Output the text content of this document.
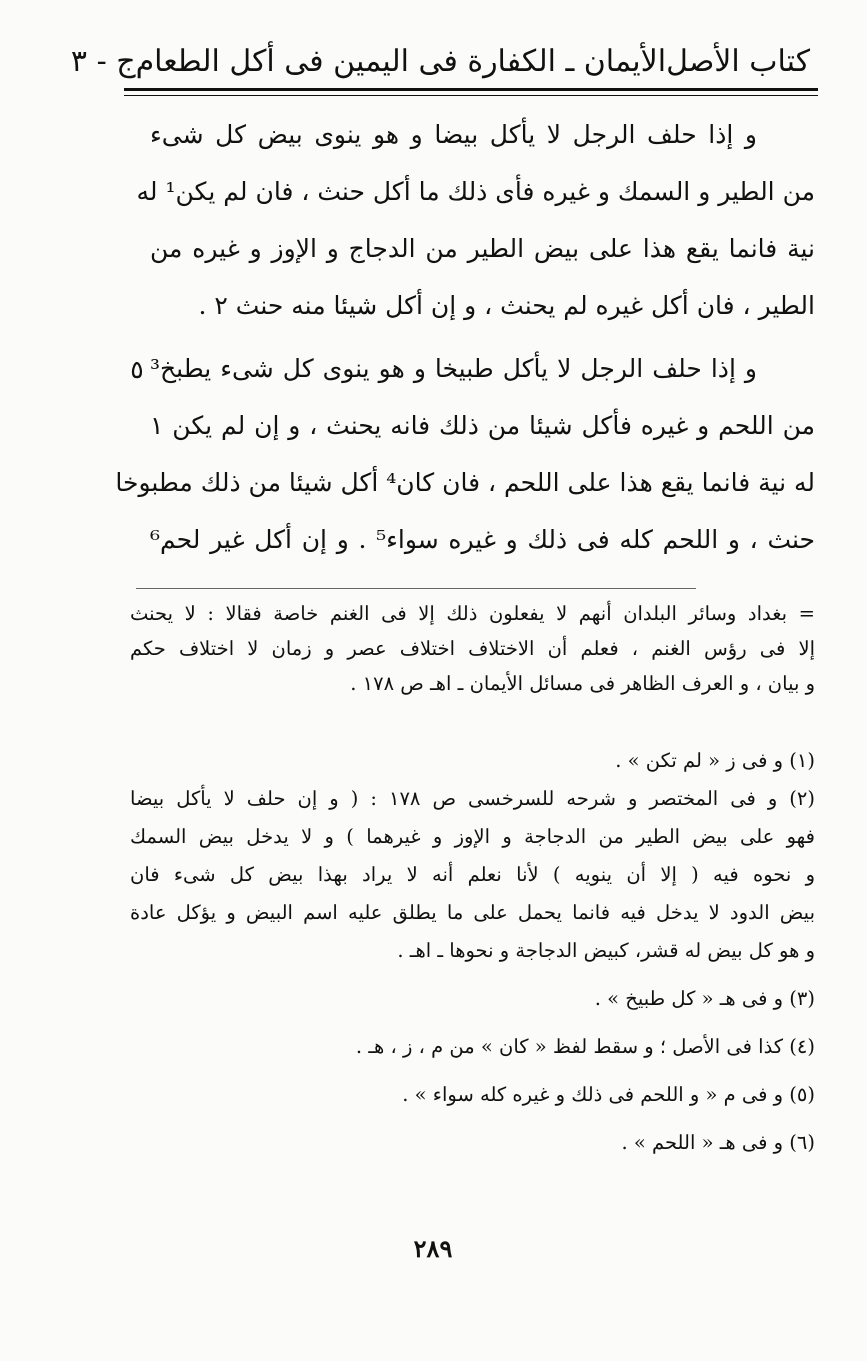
كتاب الأصل
الأيمان ـ الكفارة فى اليمين فى أكل الطعام
ج - ٣
و إذا حلف الرجل لا يأكل بيضا و هو ينوى بيض كل شىء
من الطير و السمك و غيره فأى ذلك ما أكل حنث ، فان لم يكن¹ له
نية فانما يقع هذا على بيض الطير من الدجاج و الإوز و غيره من
الطير ، فان أكل غيره لم يحنث ، و إن أكل شيئا منه حنث ٢ .
و إذا حلف الرجل لا يأكل طبيخا و هو ينوى كل شىء يطبخ³
من اللحم و غيره فأكل شيئا من ذلك فانه يحنث ، و إن لم يكن ١
له نية فانما يقع هذا على اللحم ، فان كان⁴ أكل شيئا من ذلك مطبوخا
حنث ، و اللحم كله فى ذلك و غيره سواء⁵ . و إن أكل غير لحم⁶
٥
= بغداد وسائر البلدان أنهم لا يفعلون ذلك إلا فى الغنم خاصة فقالا : لا يحنث
إلا فى رؤس الغنم ، فعلم أن الاختلاف اختلاف عصر و زمان لا اختلاف حكم
و بيان ، و العرف الظاهر فى مسائل الأيمان ـ اهـ ص ١٧٨ .
(١) و فى ز « لم تكن » .
(٢) و فى المختصر و شرحه للسرخسى ص ١٧٨ : ( و إن حلف لا يأكل بيضا
فهو على بيض الطير من الدجاجة و الإوز و غيرهما ) و لا يدخل بيض السمك
و نحوه فيه ( إلا أن ينويه ) لأنا نعلم أنه لا يراد بهذا بيض كل شىء فان
بيض الدود لا يدخل فيه فانما يحمل على ما يطلق عليه اسم البيض و يؤكل عادة
و هو كل بيض له قشر، كبيض الدجاجة و نحوها ـ اهـ .
(٣) و فى هـ « كل طبيخ » .
(٤) كذا فى الأصل ؛ و سقط لفظ « كان » من م ، ز ، هـ .
(٥) و فى م « و اللحم فى ذلك و غيره كله سواء » .
(٦) و فى هـ « اللحم » .
٢٨٩
